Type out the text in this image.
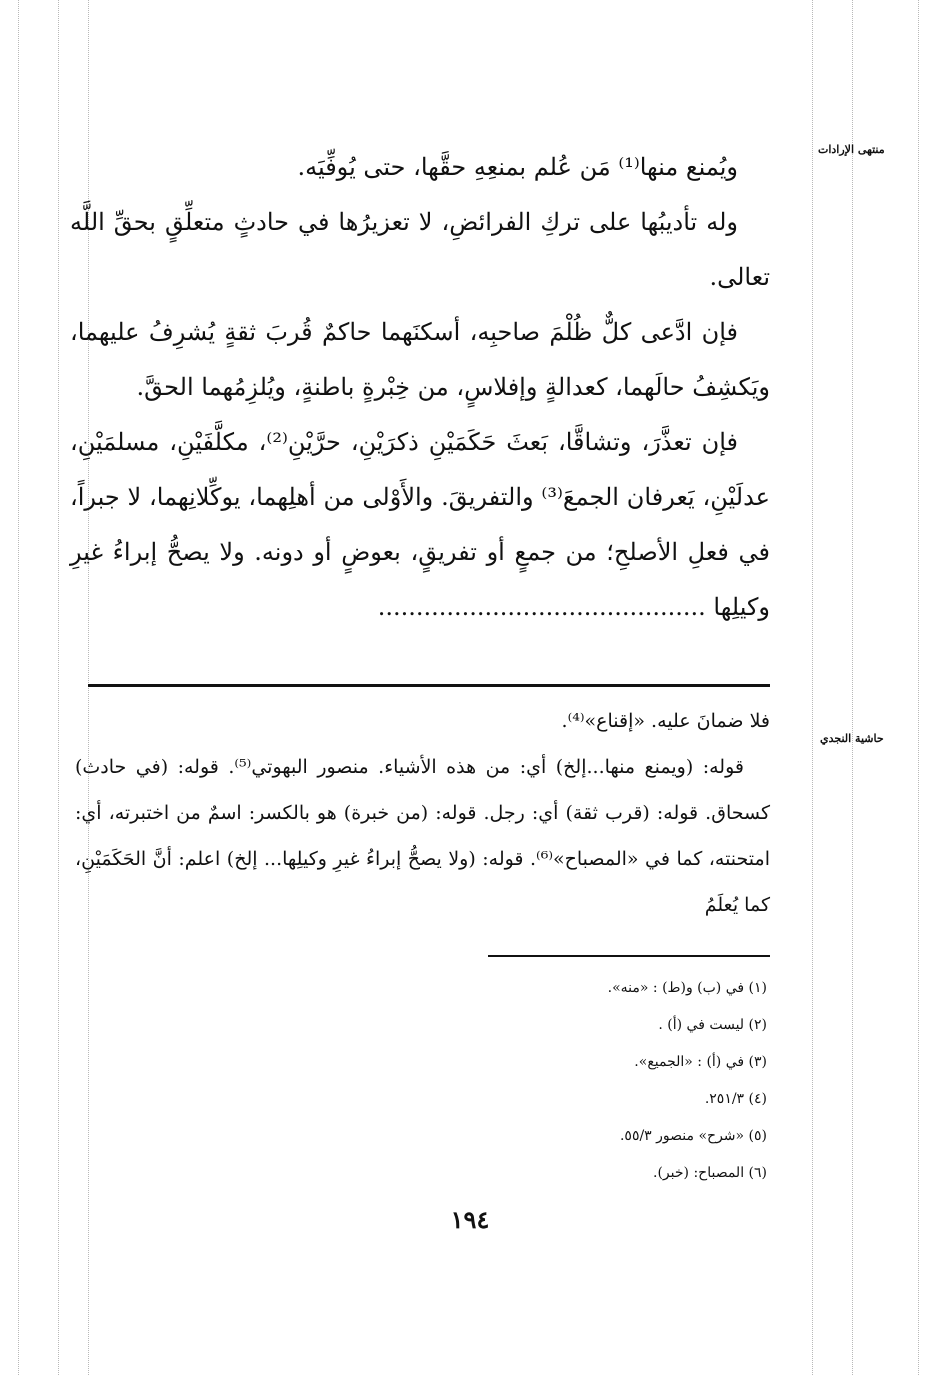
منتهى الإرادات
حاشية النجدي

ويُمنع منها⁽¹⁾ مَن عُلم بمنعِهِ حقَّها، حتى يُوفِّيَه.

وله تأديبُها على تركِ الفرائضِ، لا تعزيرُها في حادثٍ متعلِّقٍ بحقِّ اللَّه تعالى.

فإن ادَّعى كلٌّ ظُلْمَ صاحبِه، أسكنَهما حاكمٌ قُربَ ثقةٍ يُشرِفُ عليهما، ويَكشِفُ حالَهما، كعدالةٍ وإفلاسٍ، من خِبْرةٍ باطنةٍ، ويُلزِمُهما الحقَّ.

فإن تعذَّرَ، وتشاقَّا، بَعثَ حَكَمَيْنِ ذكرَيْنِ، حرَّيْنِ⁽²⁾، مكلَّفَيْنِ، مسلمَيْنِ، عدلَيْنِ، يَعرفان الجمعَ⁽³⁾ والتفريقَ. والأَوْلى من أهلِهما، يوكِّلانِهما، لا جبراً، في فعلِ الأصلحِ؛ من جمعٍ أو تفريقٍ، بعوضٍ أو دونه. ولا يصحُّ إبراءُ غيرِ وكيلِها ...........................................

فلا ضمانَ عليه. «إقناع»⁽⁴⁾.

قوله: (ويمنع منها...إلخ) أي: من هذه الأشياء. منصور البهوتي⁽⁵⁾. قوله: (في حادث) كسحاق. قوله: (قرب ثقة) أي: رجل. قوله: (من خبرة) هو بالكسر: اسمٌ من اختبرته، أي: امتحنته، كما في «المصباح»⁽⁶⁾. قوله: (ولا يصحُّ إبراءُ غيرِ وكيلِها... إلخ) اعلم: أنَّ الحَكَمَيْنِ، كما يُعلَمُ

(١) في (ب) و(ط) : «منه».
(٢) ليست في (أ) .
(٣) في (أ) : «الجميع».
(٤) ٢٥١/٣.
(٥) «شرح» منصور ٥٥/٣.
(٦) المصباح: (خبر).
١٩٤
